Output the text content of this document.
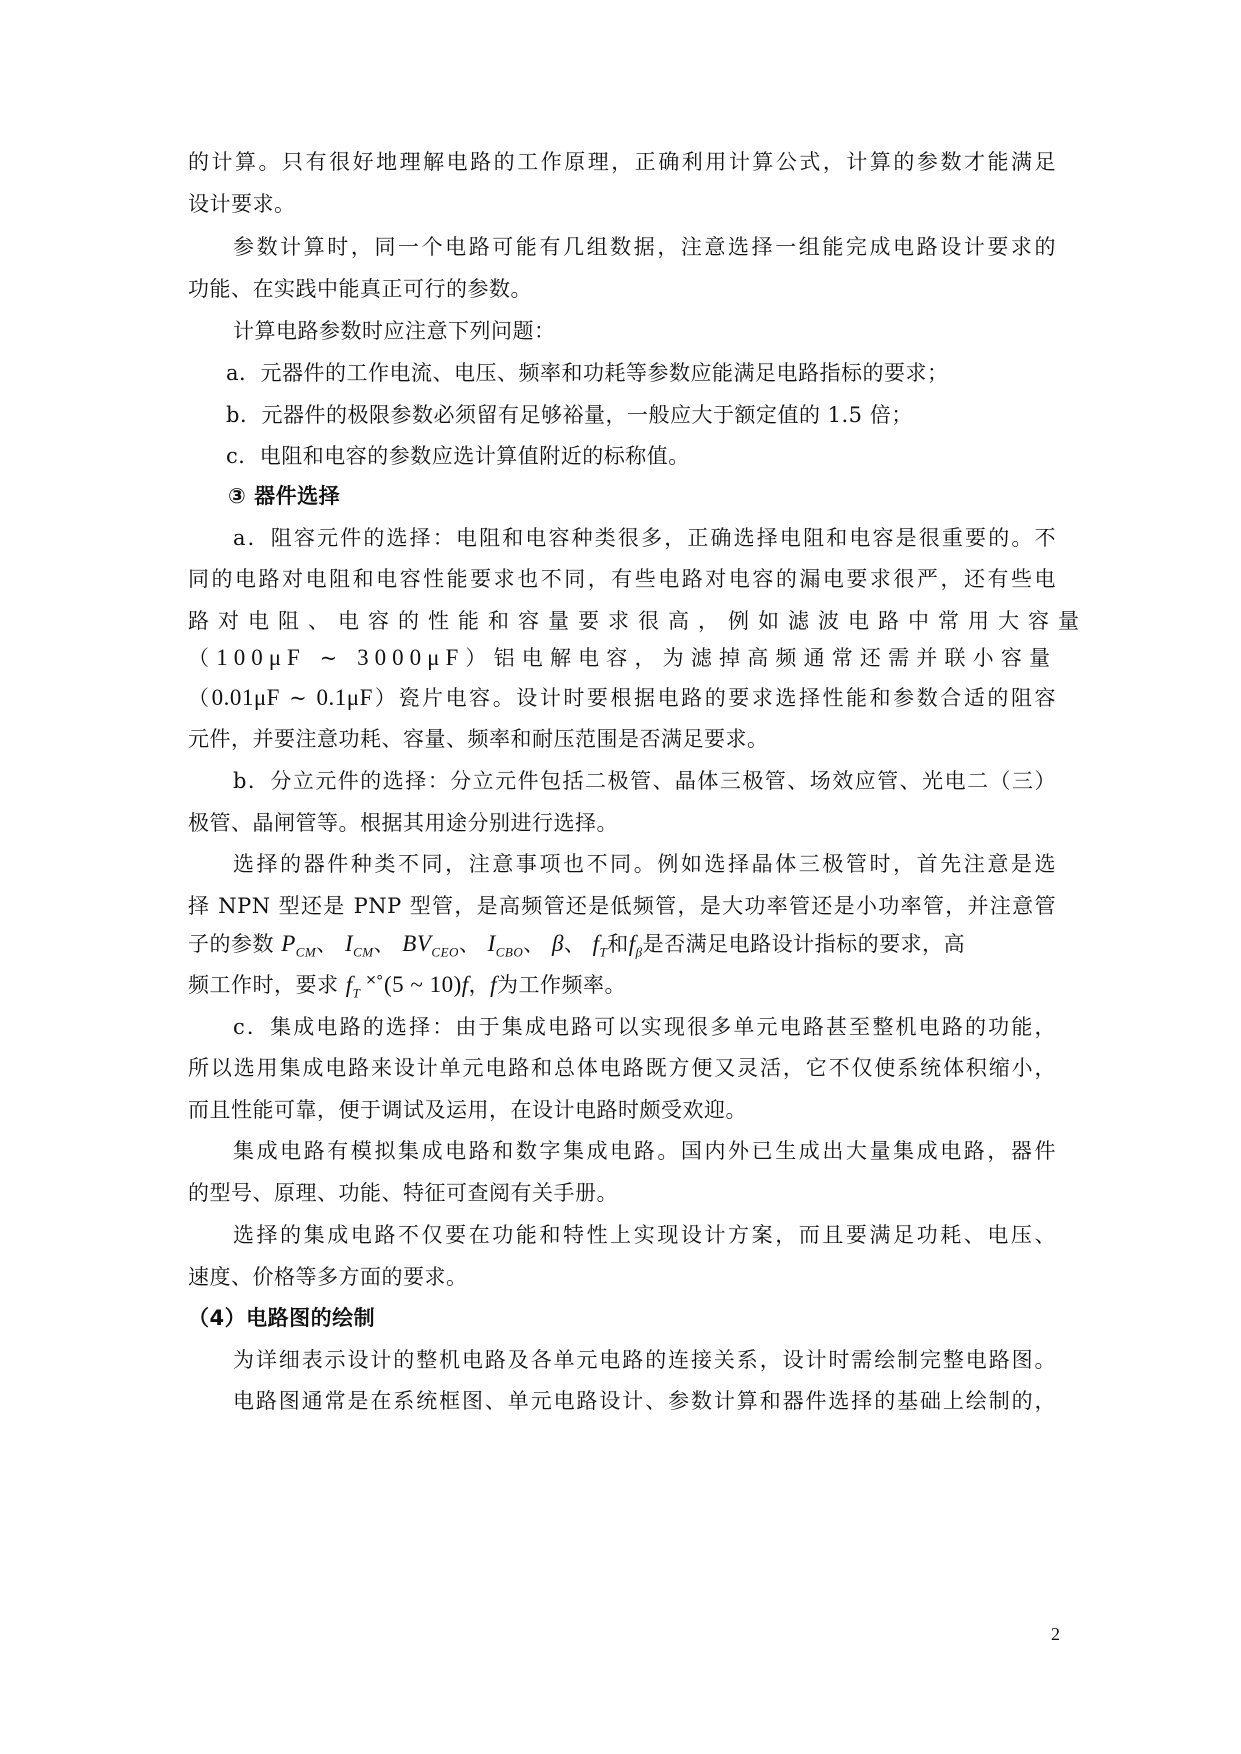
的计算。只有很好地理解电路的工作原理，正确利用计算公式，计算的参数才能满足
设计要求。
参数计算时，同一个电路可能有几组数据，注意选择一组能完成电路设计要求的
功能、在实践中能真正可行的参数。
计算电路参数时应注意下列问题：
a．元器件的工作电流、电压、频率和功耗等参数应能满足电路指标的要求；
b．元器件的极限参数必须留有足够裕量，一般应大于额定值的 1.5 倍；
c．电阻和电容的参数应选计算值附近的标称值。
③ 器件选择
a．阻容元件的选择：电阻和电容种类很多，正确选择电阻和电容是很重要的。不
同的电路对电阻和电容性能要求也不同，有些电路对电容的漏电要求很严，还有些电
路对电阻、电容的性能和容量要求很高，例如滤波电路中常用大容量
（100μF ~ 3000μF）铝电解电容，为滤掉高频通常还需并联小容量
（0.01μF ~ 0.1μF）瓷片电容。设计时要根据电路的要求选择性能和参数合适的阻容
元件，并要注意功耗、容量、频率和耐压范围是否满足要求。
b．分立元件的选择：分立元件包括二极管、晶体三极管、场效应管、光电二（三）
极管、晶闸管等。根据其用途分别进行选择。
选择的器件种类不同，注意事项也不同。例如选择晶体三极管时，首先注意是选
择 NPN 型还是 PNP 型管，是高频管还是低频管，是大功率管还是小功率管，并注意管
子的参数 $P_{CM}$、 $I_{CM}$、 $BV_{CEO}$、 $I_{CBO}$、 β、 $f_T$和$f_\beta$是否满足电路设计指标的要求，高
频工作时，要求 $f_T$ ˟˚(5 ~ 10)f，f为工作频率。
c．集成电路的选择：由于集成电路可以实现很多单元电路甚至整机电路的功能，
所以选用集成电路来设计单元电路和总体电路既方便又灵活，它不仅使系统体积缩小，
而且性能可靠，便于调试及运用，在设计电路时颇受欢迎。
集成电路有模拟集成电路和数字集成电路。国内外已生成出大量集成电路，器件
的型号、原理、功能、特征可查阅有关手册。
选择的集成电路不仅要在功能和特性上实现设计方案，而且要满足功耗、电压、
速度、价格等多方面的要求。
（4）电路图的绘制
为详细表示设计的整机电路及各单元电路的连接关系，设计时需绘制完整电路图。
电路图通常是在系统框图、单元电路设计、参数计算和器件选择的基础上绘制的，
2
